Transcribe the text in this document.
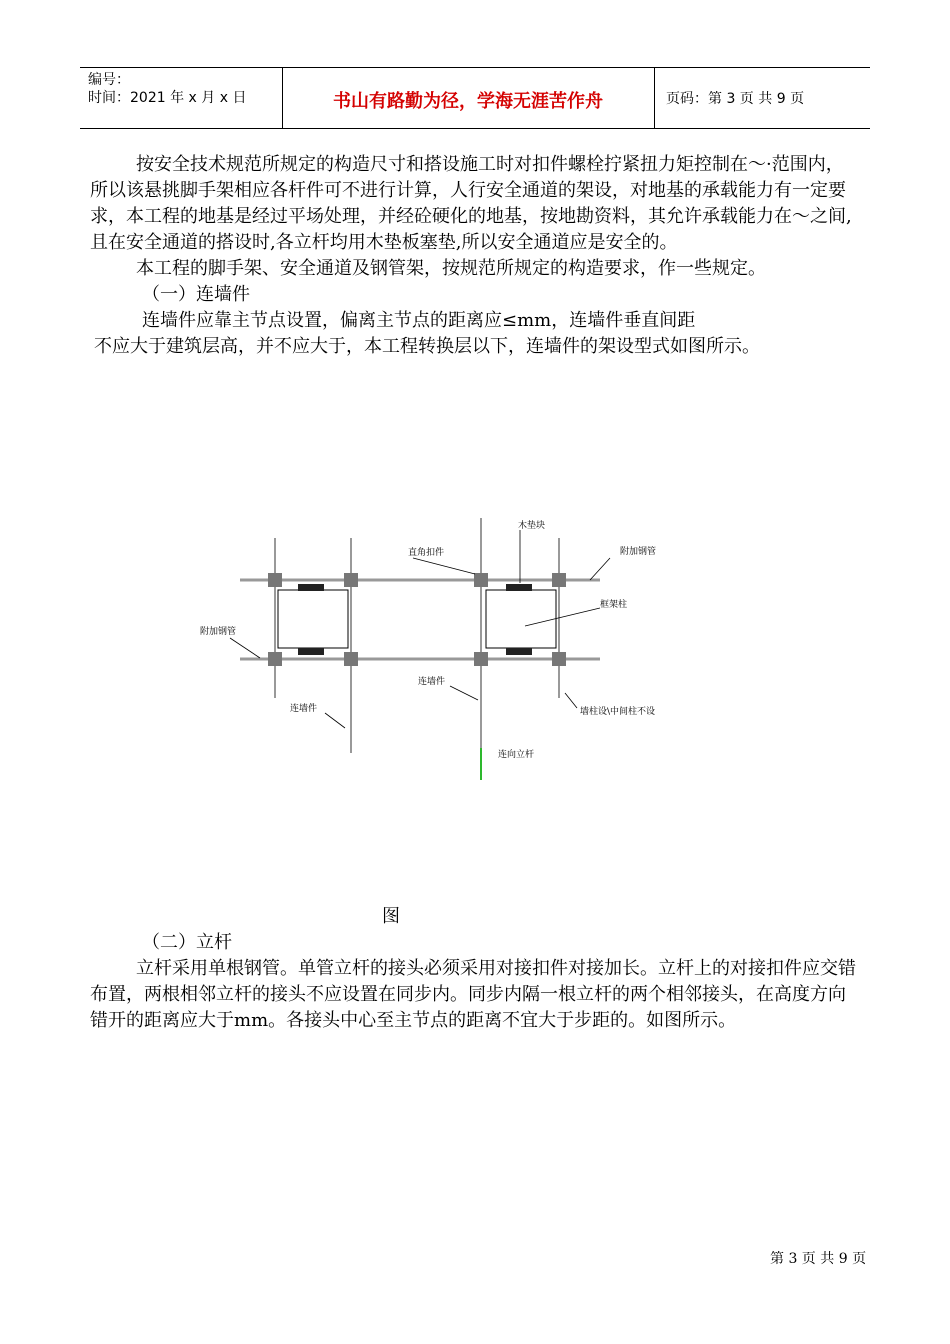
编号：
时间：2021 年 x 月 x 日	书山有路勤为径，学海无涯苦作舟	页码：第 3 页 共 9 页

按安全技术规范所规定的构造尺寸和搭设施工时对扣件螺栓拧紧扭力矩控制在～·范围内，所以该悬挑脚手架相应各杆件可不进行计算，人行安全通道的架设，对地基的承载能力有一定要求，本工程的地基是经过平场处理，并经砼硬化的地基，按地勘资料，其允许承载能力在～之间,且在安全通道的搭设时,各立杆均用木垫板塞垫,所以安全通道应是安全的。

本工程的脚手架、安全通道及钢管架，按规范所规定的构造要求，作一些规定。

（一）连墙件

连墙件应靠主节点设置，偏离主节点的距离应≤mm，连墙件垂直间距

不应大于建筑层高，并不应大于，本工程转换层以下，连墙件的架设型式如图所示。

木垫块
直角扣件	附加钢管
框架柱
附加钢管
连墙件
连墙件
墙柱设\中间柱不设
连向立杆
图

（二）立杆

立杆采用单根钢管。单管立杆的接头必须采用对接扣件对接加长。立杆上的对接扣件应交错布置，两根相邻立杆的接头不应设置在同步内。同步内隔一根立杆的两个相邻接头，在高度方向错开的距离应大于mm。各接头中心至主节点的距离不宜大于步距的。如图所示。

第 3 页 共 9 页
